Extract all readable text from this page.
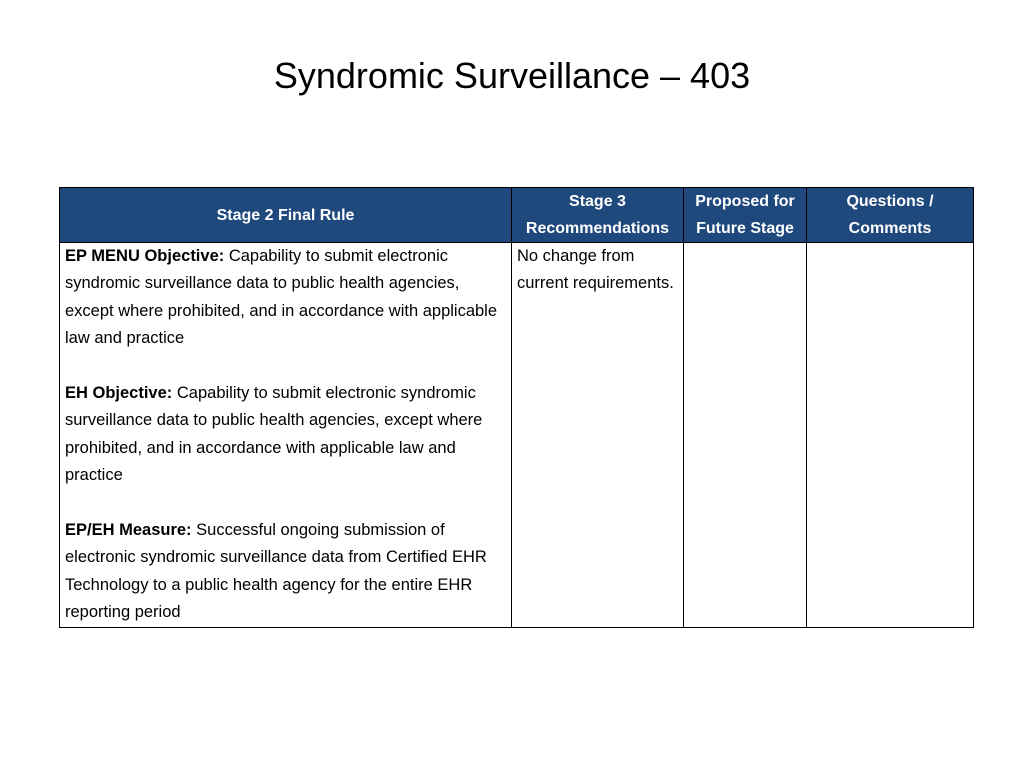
Syndromic Surveillance – 403
Stage 2 Final Rule	Stage 3 Recommendations	Proposed for Future Stage	Questions / Comments

EP MENU Objective: Capability to submit electronic syndromic surveillance data to public health agencies, except where prohibited, and in accordance with applicable law and practice

EH Objective: Capability to submit electronic syndromic surveillance data to public health agencies, except where prohibited, and in accordance with applicable law and practice

EP/EH Measure: Successful ongoing submission of electronic syndromic surveillance data from Certified EHR Technology to a public health agency for the entire EHR reporting period	No change from current requirements.		
